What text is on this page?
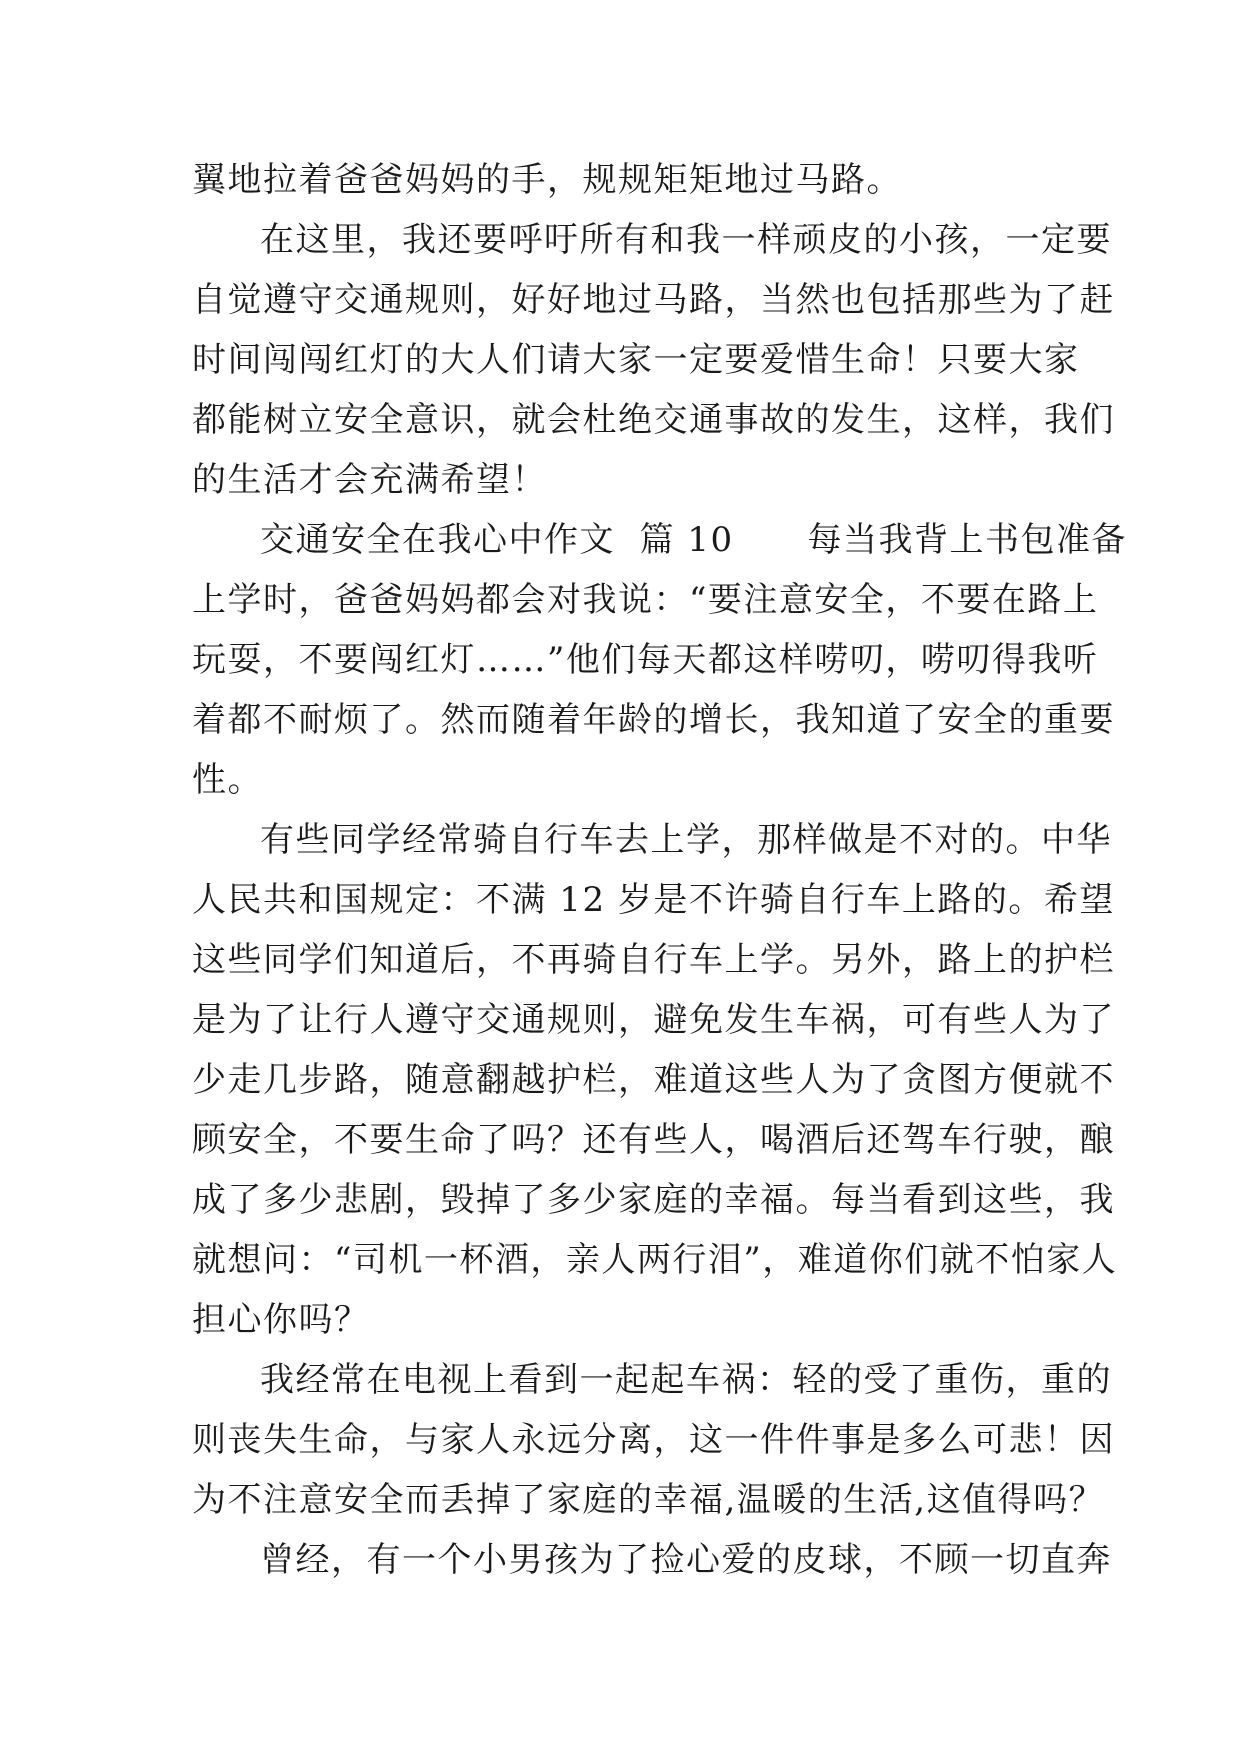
翼地拉着爸爸妈妈的手，规规矩矩地过马路。
在这里，我还要呼吁所有和我一样顽皮的小孩，一定要
自觉遵守交通规则，好好地过马路，当然也包括那些为了赶
时间闯闯红灯的大人们请大家一定要爱惜生命！只要大家
都能树立安全意识，就会杜绝交通事故的发生，这样，我们
的生活才会充满希望！
交通安全在我心中作文  篇 10      每当我背上书包准备
上学时，爸爸妈妈都会对我说：“要注意安全，不要在路上
玩耍，不要闯红灯……”他们每天都这样唠叨，唠叨得我听
着都不耐烦了。然而随着年龄的增长，我知道了安全的重要
性。
有些同学经常骑自行车去上学，那样做是不对的。中华
人民共和国规定：不满 12 岁是不许骑自行车上路的。希望
这些同学们知道后，不再骑自行车上学。另外，路上的护栏
是为了让行人遵守交通规则，避免发生车祸，可有些人为了
少走几步路，随意翻越护栏，难道这些人为了贪图方便就不
顾安全，不要生命了吗？还有些人，喝酒后还驾车行驶，酿
成了多少悲剧，毁掉了多少家庭的幸福。每当看到这些，我
就想问：“司机一杯酒，亲人两行泪”，难道你们就不怕家人
担心你吗？
我经常在电视上看到一起起车祸：轻的受了重伤，重的
则丧失生命，与家人永远分离，这一件件事是多么可悲！因
为不注意安全而丢掉了家庭的幸福,温暖的生活,这值得吗？
曾经，有一个小男孩为了捡心爱的皮球，不顾一切直奔
